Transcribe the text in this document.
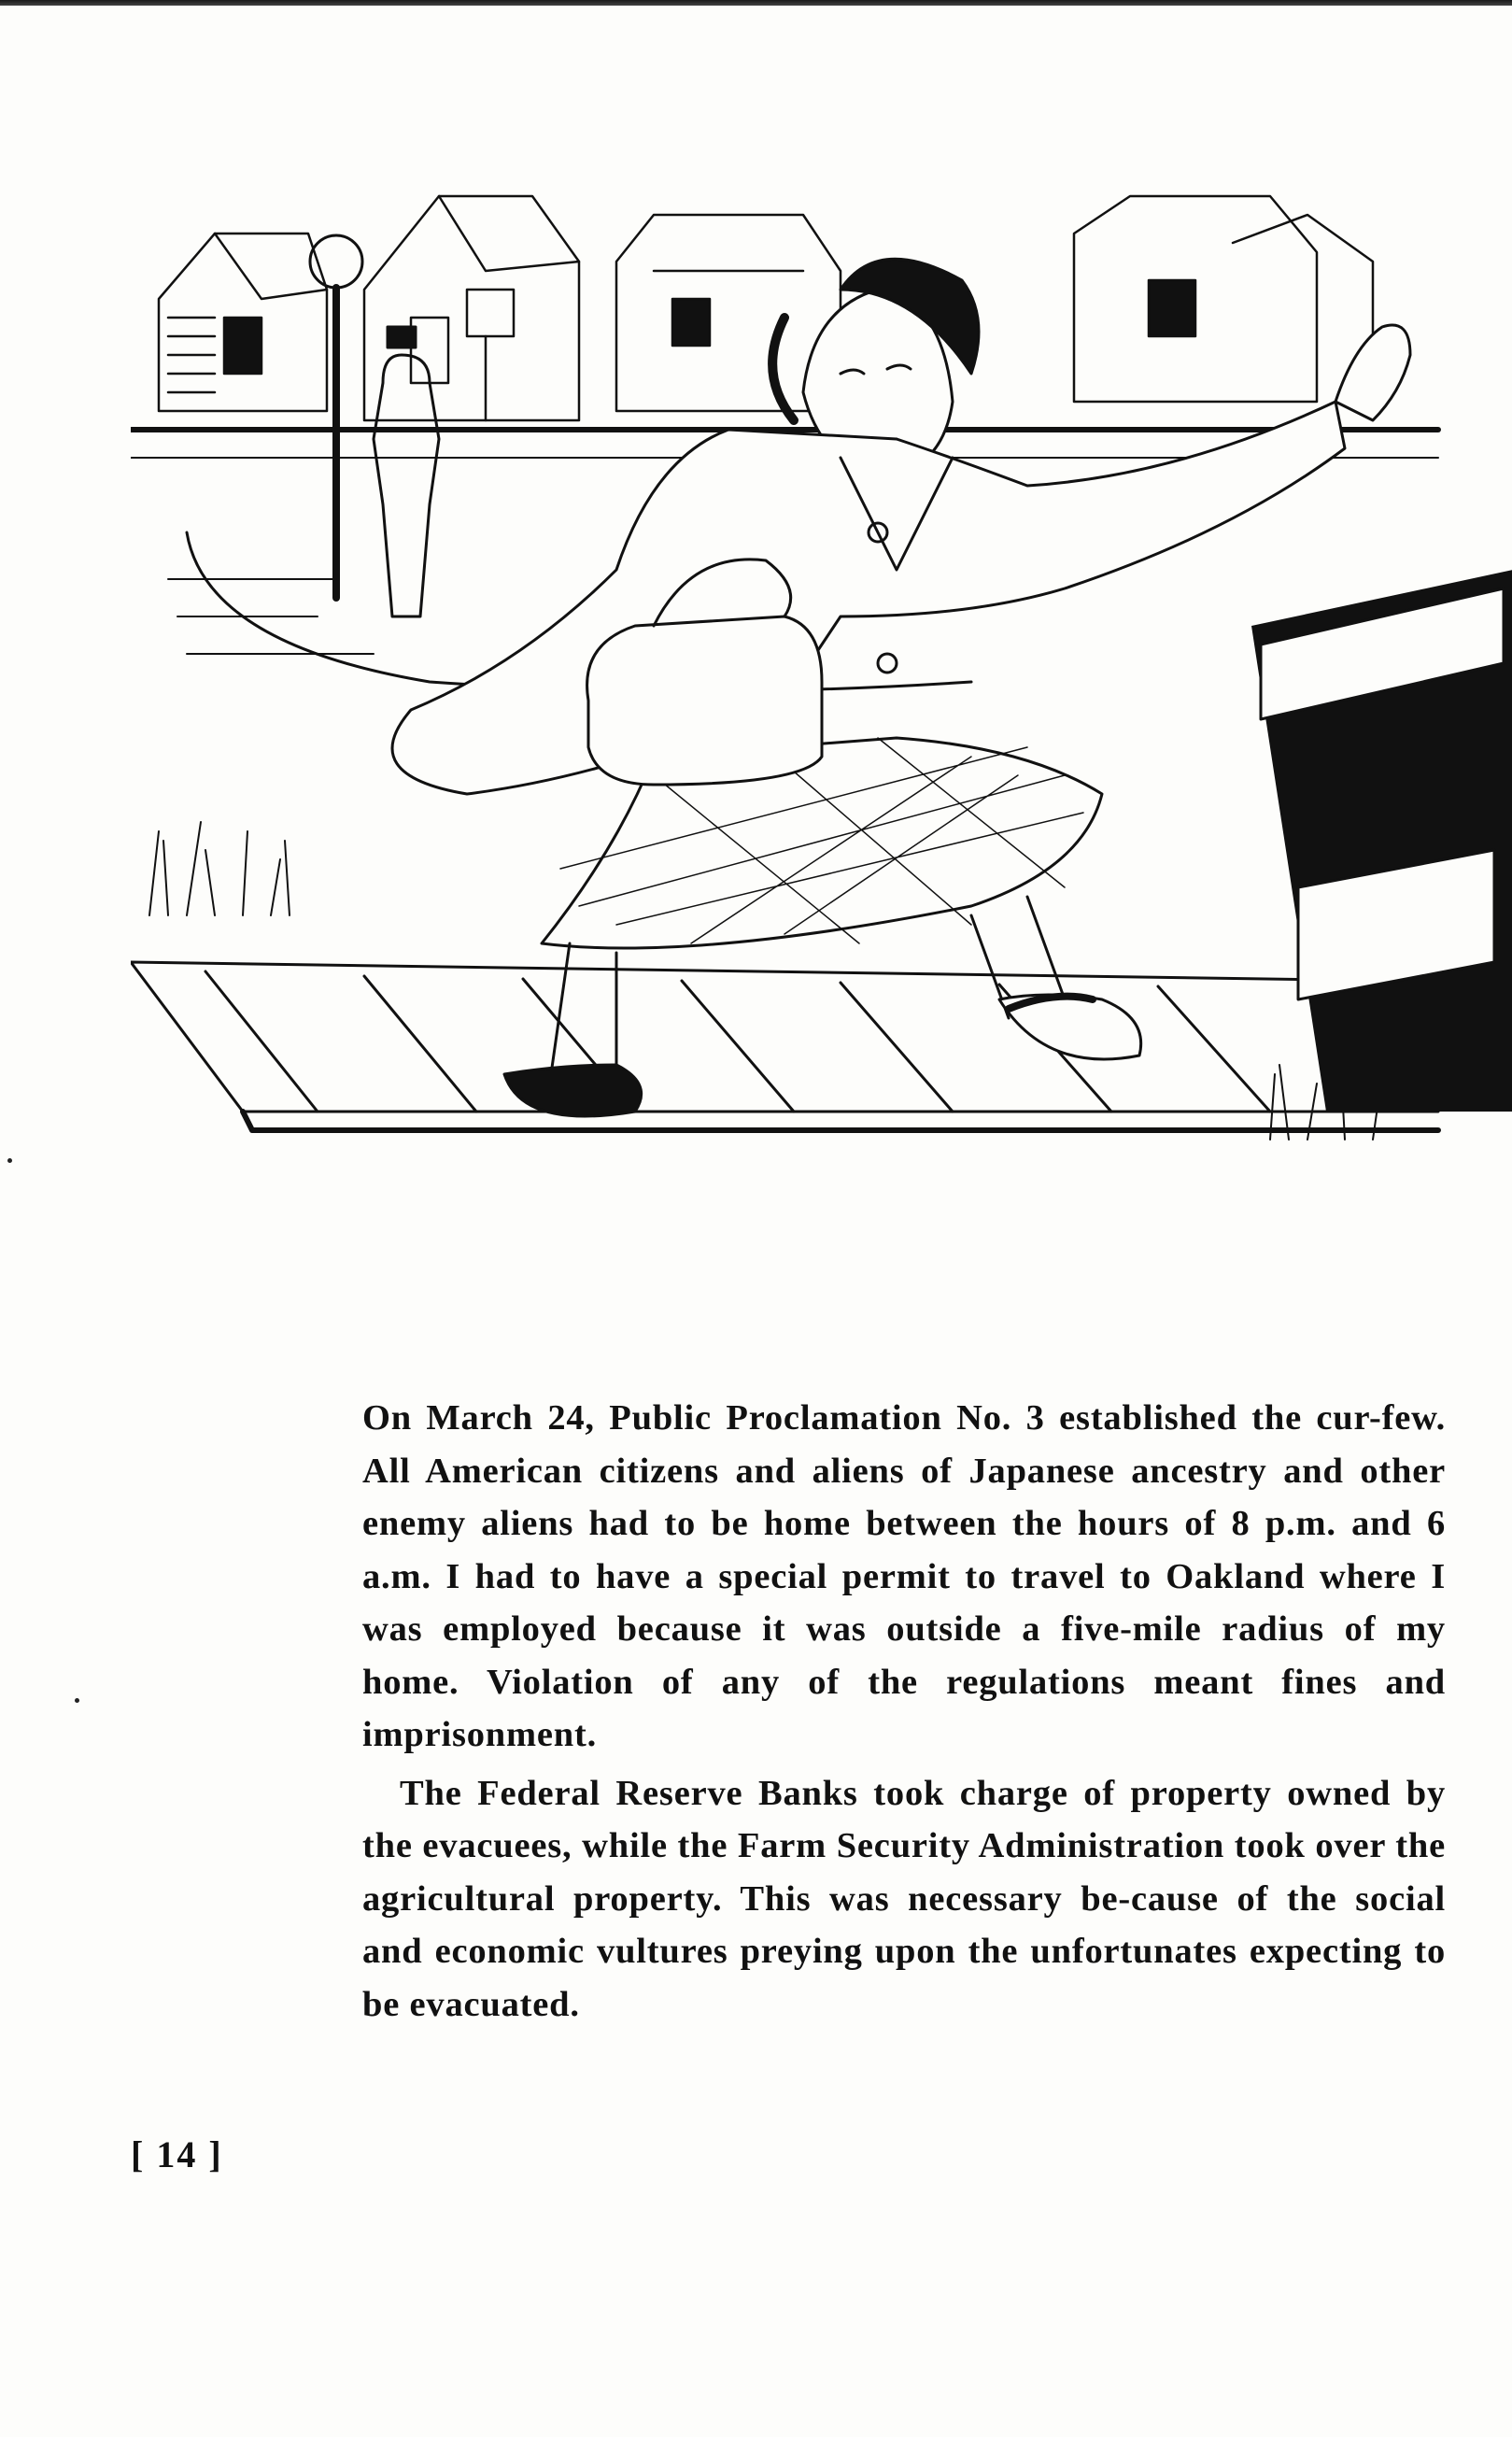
On March 24, Public Proclamation No. 3 established the cur-few. All American citizens and aliens of Japanese ancestry and other enemy aliens had to be home between the hours of 8 p.m. and 6 a.m. I had to have a special permit to travel to Oakland where I was employed because it was outside a five-mile radius of my home. Violation of any of the regulations meant fines and imprisonment.

The Federal Reserve Banks took charge of property owned by the evacuees, while the Farm Security Administration took over the agricultural property. This was necessary be-cause of the social and economic vultures preying upon the unfortunates expecting to be evacuated.

[ 14 ]
